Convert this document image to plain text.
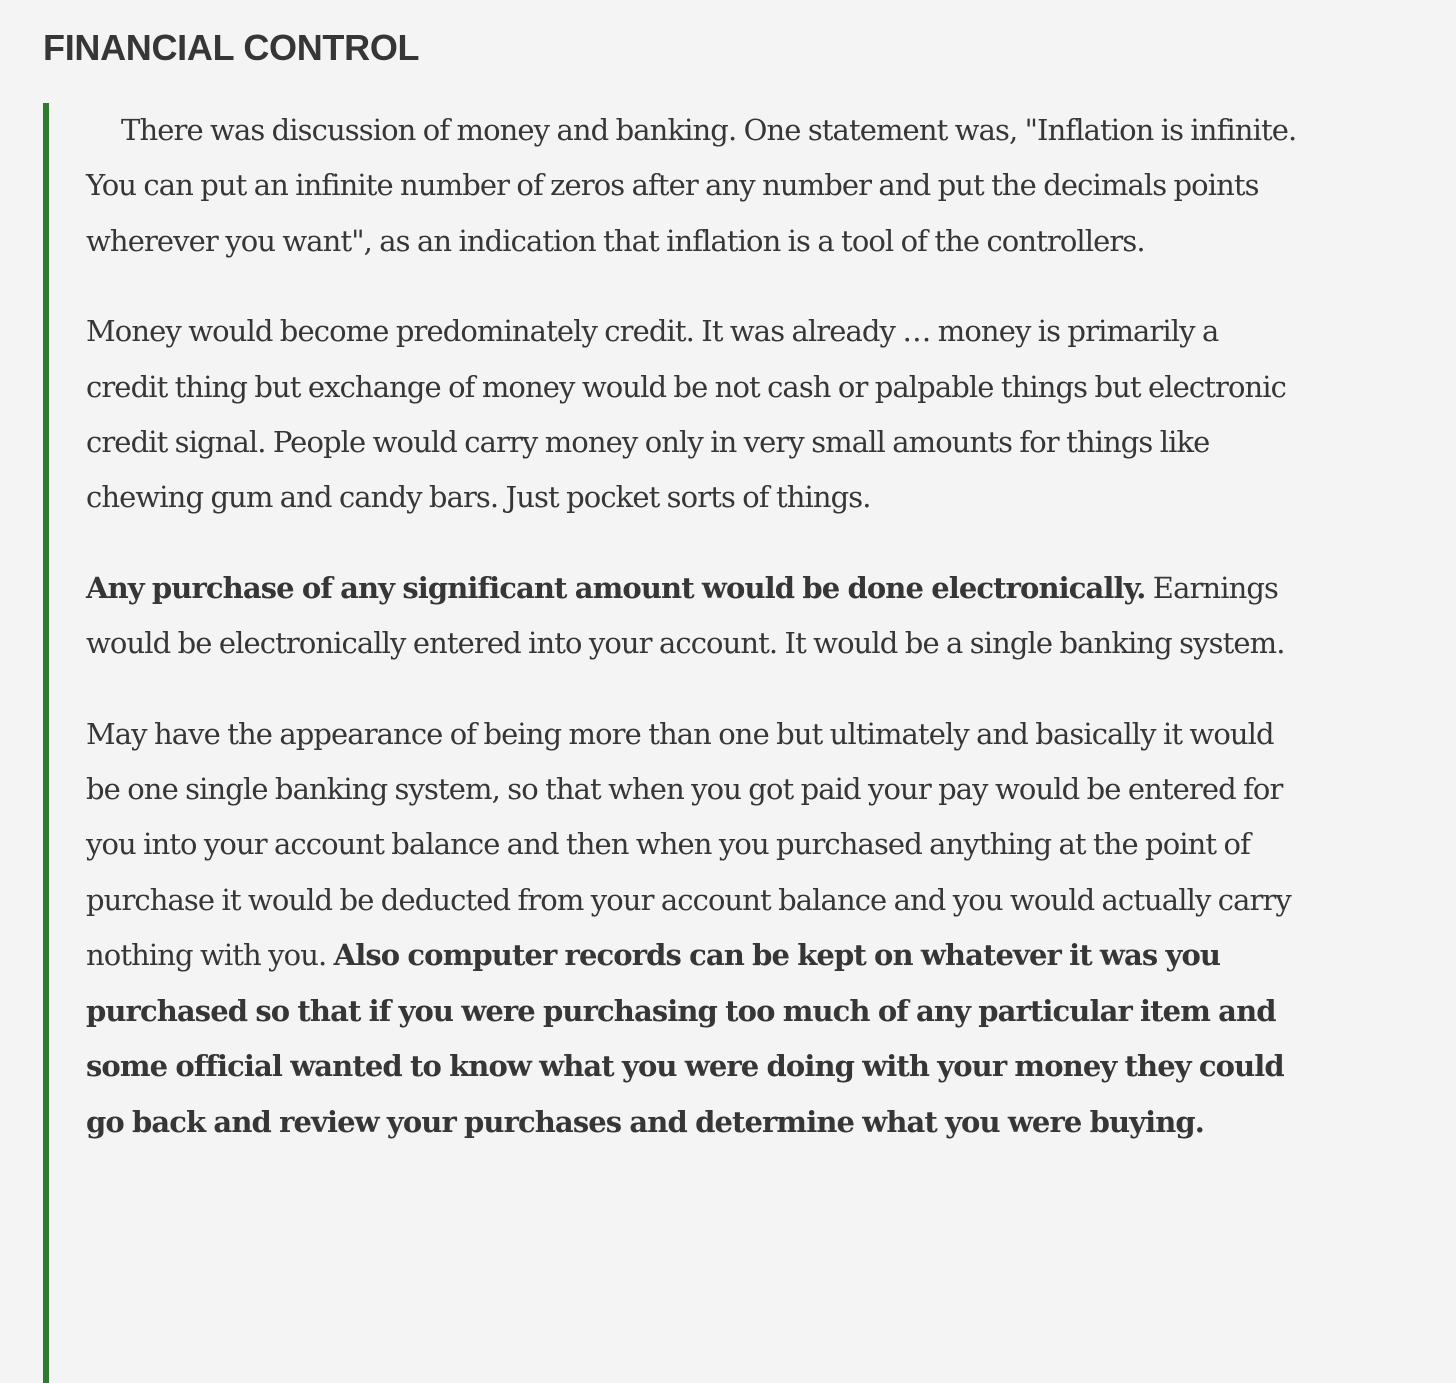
FINANCIAL CONTROL

There was discussion of money and banking. One statement was, "Inflation is infinite. You can put an infinite number of zeros after any number and put the decimals points wherever you want", as an indication that inflation is a tool of the controllers.

Money would become predominately credit. It was already … money is primarily a credit thing but exchange of money would be not cash or palpable things but electronic credit signal. People would carry money only in very small amounts for things like chewing gum and candy bars. Just pocket sorts of things.

Any purchase of any significant amount would be done electronically. Earnings would be electronically entered into your account. It would be a single banking system.

May have the appearance of being more than one but ultimately and basically it would be one single banking system, so that when you got paid your pay would be entered for you into your account balance and then when you purchased anything at the point of purchase it would be deducted from your account balance and you would actually carry nothing with you. Also computer records can be kept on whatever it was you purchased so that if you were purchasing too much of any particular item and some official wanted to know what you were doing with your money they could go back and review your purchases and determine what you were buying.
